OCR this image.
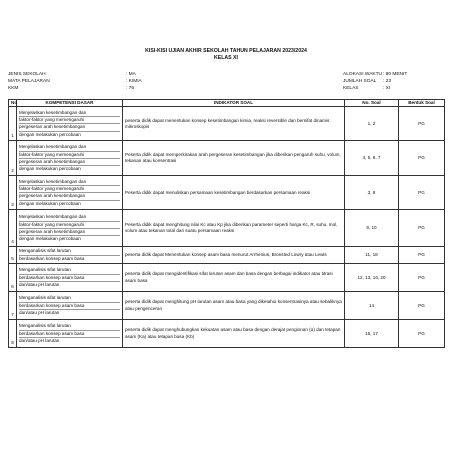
KISI-KISI UJIAN AKHIR SEKOLAH TAHUN PELAJARAN 2023/2024
KELAS XI
JENIS SEKOLAH	: MA	ALOKASI WAKTU : 90 MENIT
MATA PELAJARAN	: KIMIA	JUMLAH SOAL : 23
KKM	: 76	KELAS	: XI
No	KOMPETENSI DASAR	INDIKATOR SOAL	No. Soal	Bentuk Soal
1	Menjelaskan kesetimbangan dan
faktor-faktor yang memengaruhi
pergeseran arah kesetimbangan
dengan melakukan percobaan	peserta didik dapat menentukan konsep kesetimbangan kimia, reaksi reversible dan bersifat dinamis mikroskopis	1, 2	PG
2	Menjelaskan kesetimbangan dan
faktor-faktor yang memengaruhi
pergeseran arah kesetimbangan
dengan melakukan percobaan	Peserta didik dapat memperkirakan arah pergeseran kesetimbangan jika diberikan pengaruh suhu, volum, tekanan atau konsentrasi	4, 5, 6, 7	PG
3	Menjelaskan kesetimbangan dan
faktor-faktor yang memengaruhi
pergeseran arah kesetimbangan
dengan melakukan percobaan	Peserta didik dapat menuliskan persamaan kesetimbangan berdasarkan persamaan reaksi	3, 8	PG
4	Menjelaskan kesetimbangan dan
faktor-faktor yang memengaruhi
pergeseran arah kesetimbangan
dengan melakukan percobaan	Peserta didik dapat menghitung nilai Kc atau Kp jika diberikan parameter seperti harga Kc, R, suhu, mol, volum atau tekanan total dari suatu persamaan reaksi	9, 10	PG
5	Menganalisis sifat larutan
berdasarkan konsep asam basa	peserta didik dapat Menentukan konsep asam basa menurut Arrhenius, Bronsted Lowry atau Lewis	11, 18	PG
6	Menganalisis sifat larutan
berdasarkan konsep asam basa
dan/atau pH larutan	peserta didik dapat mengidentifikasi sifat larutan asam dan basa dengan berbagai indikator atau titrasi asam basa	12, 13, 16, 20	PG
7	Menganalisis sifat larutan
berdasarkan konsep asam basa
dan/atau pH larutan	peserta didik dapat menghitung pH larutan asam atau basa yang diketahui konsentrasinya atau sebaliknya atau pengenceran	14	PG
8	Menganalisis sifat larutan
berdasarkan konsep asam basa
dan/atau pH larutan	peserta didik dapat menghubungkan kekuatan asam atau basa dengan derajat pengionan (α) dan tetapan asam (Ka) atau tetapan basa (Kb)	15, 17	PG
